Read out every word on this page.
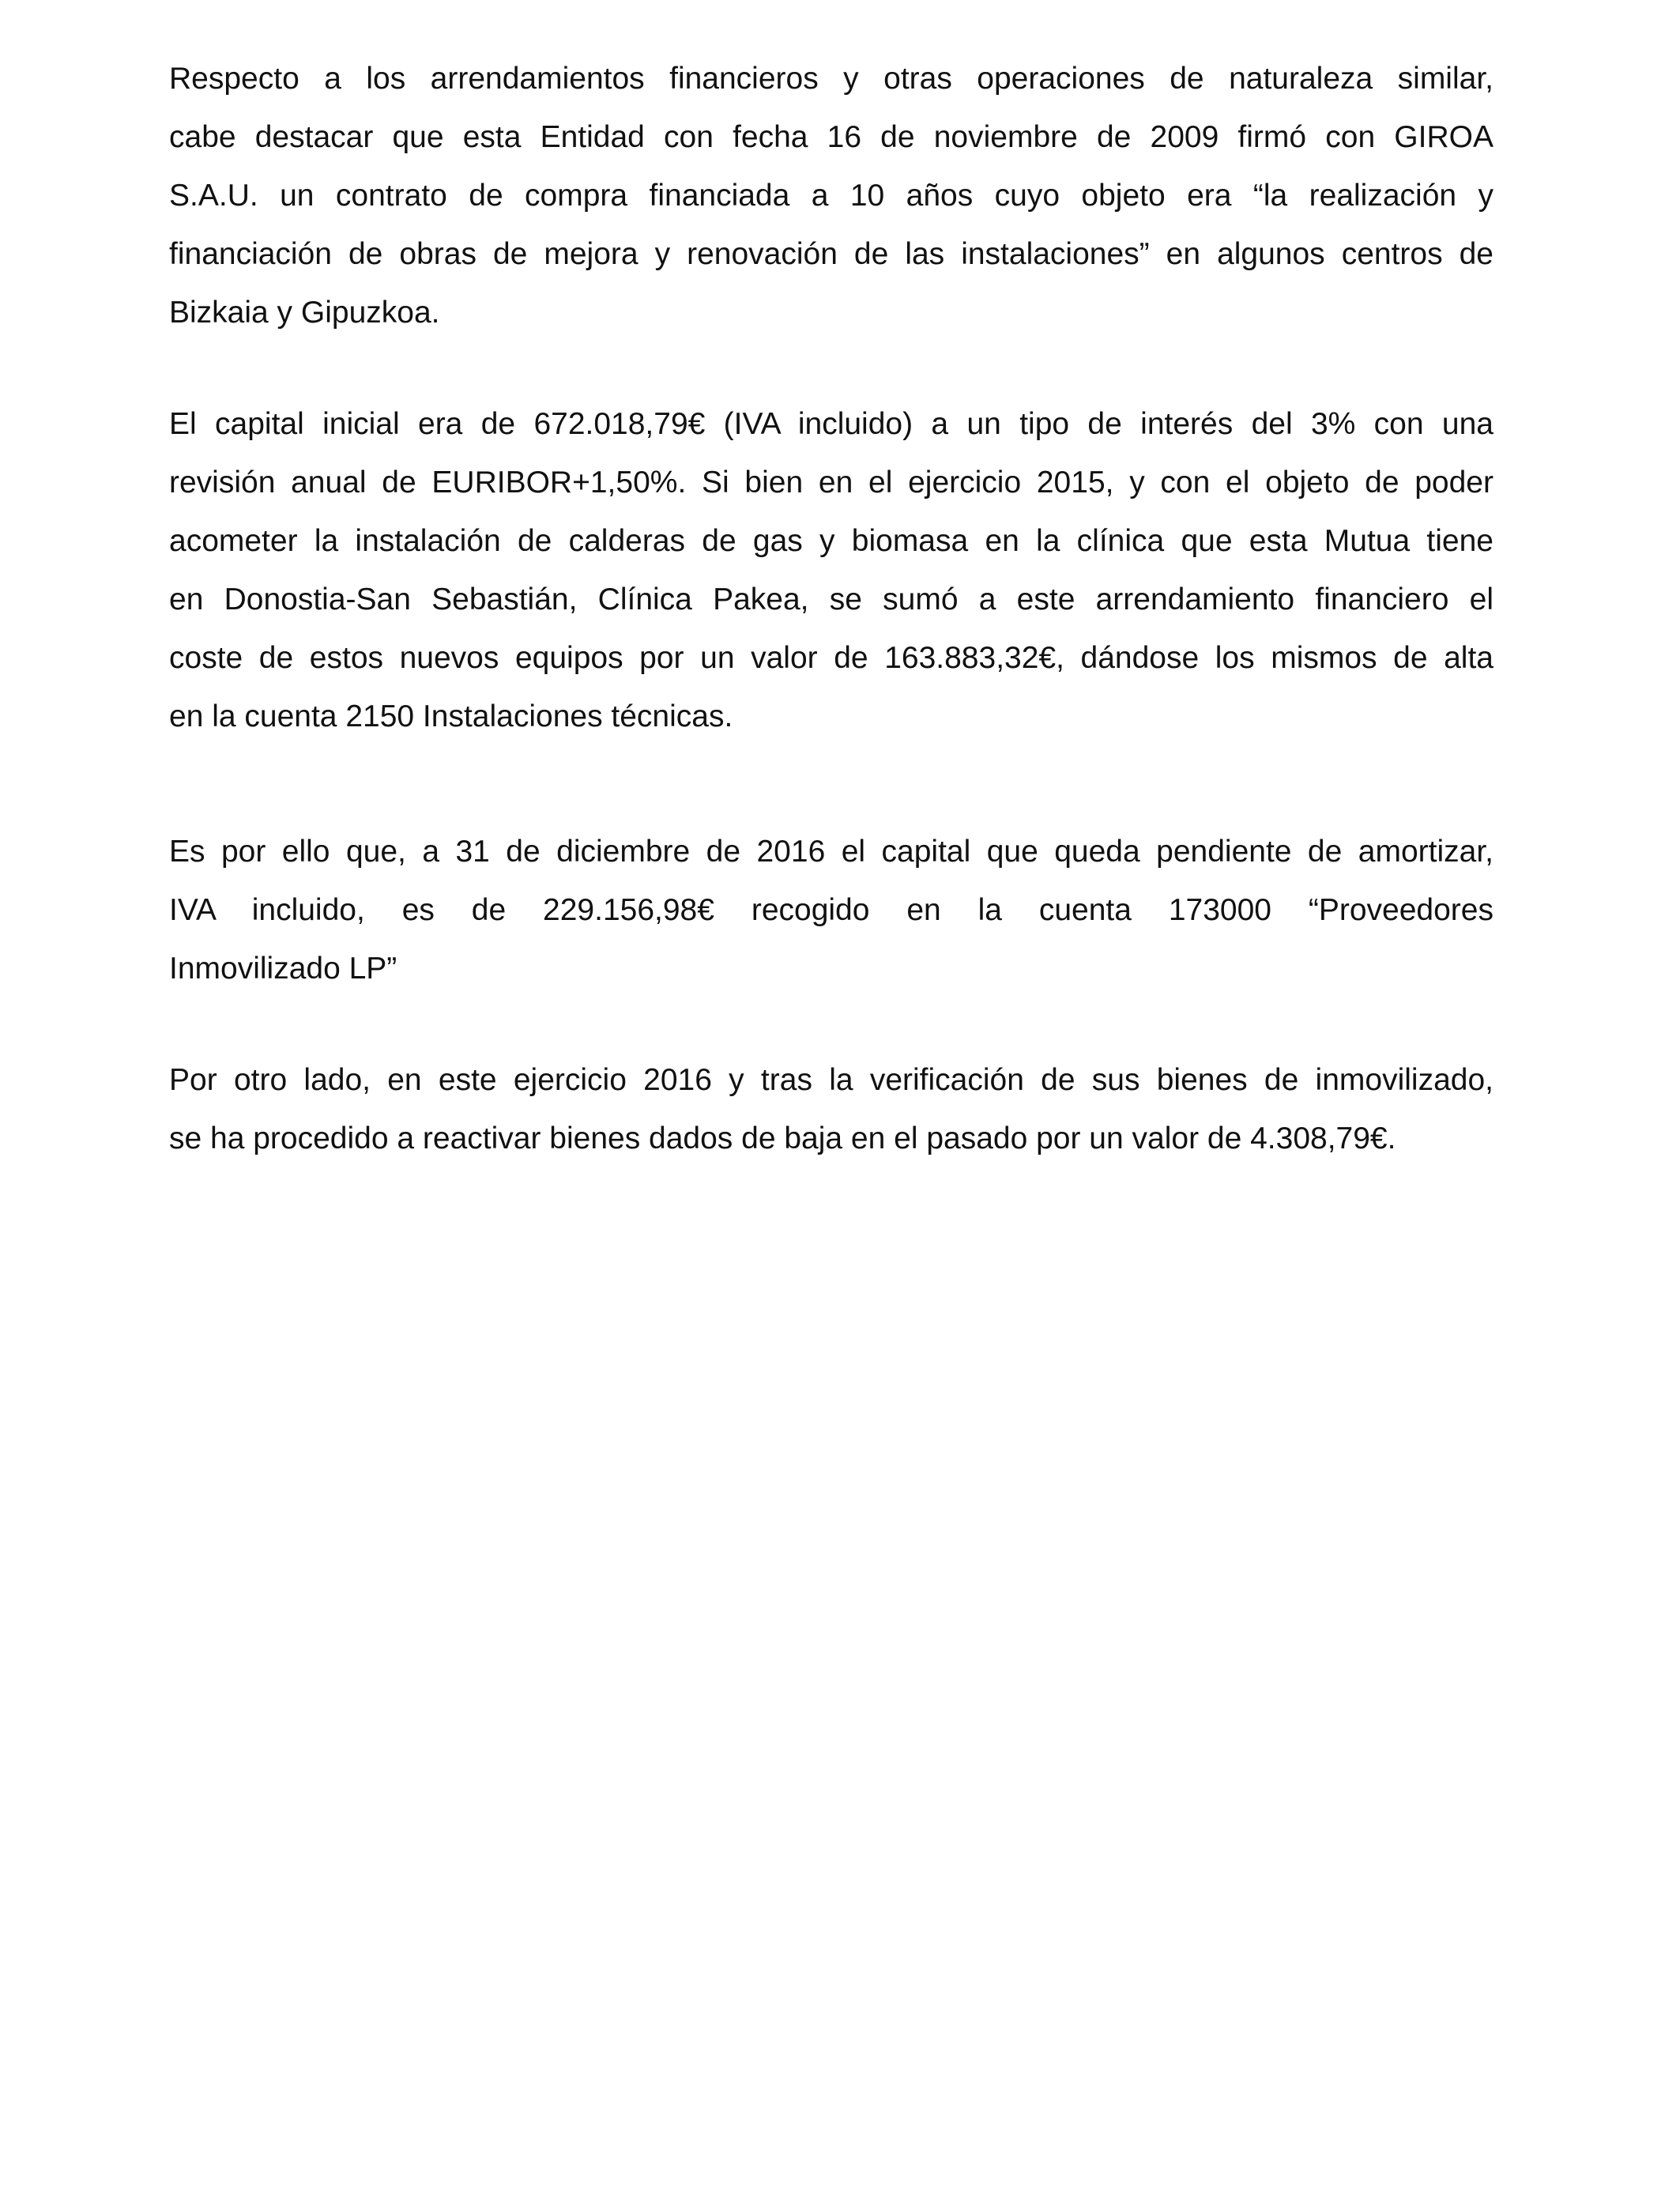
Respecto a los arrendamientos financieros y otras operaciones de naturaleza similar,
cabe destacar que esta Entidad con fecha 16 de noviembre de 2009 firmó con GIROA
S.A.U. un contrato de compra financiada a 10 años cuyo objeto era “la realización y
financiación de obras de mejora y renovación de las instalaciones” en algunos centros de
Bizkaia y Gipuzkoa.
El capital inicial era de 672.018,79€ (IVA incluido) a un tipo de interés del 3% con una
revisión anual de EURIBOR+1,50%. Si bien en el ejercicio 2015, y con el objeto de poder
acometer la instalación de calderas de gas y biomasa en la clínica que esta Mutua tiene
en Donostia-San Sebastián, Clínica Pakea, se sumó a este arrendamiento financiero el
coste de estos nuevos equipos por un valor de 163.883,32€, dándose los mismos de alta
en la cuenta 2150 Instalaciones técnicas.
Es por ello que, a 31 de diciembre de 2016 el capital que queda pendiente de amortizar,
IVA incluido, es de 229.156,98€ recogido en la cuenta 173000 “Proveedores
Inmovilizado LP”
Por otro lado, en este ejercicio 2016 y tras la verificación de sus bienes de inmovilizado,
se ha procedido a reactivar bienes dados de baja en el pasado por un valor de 4.308,79€.
